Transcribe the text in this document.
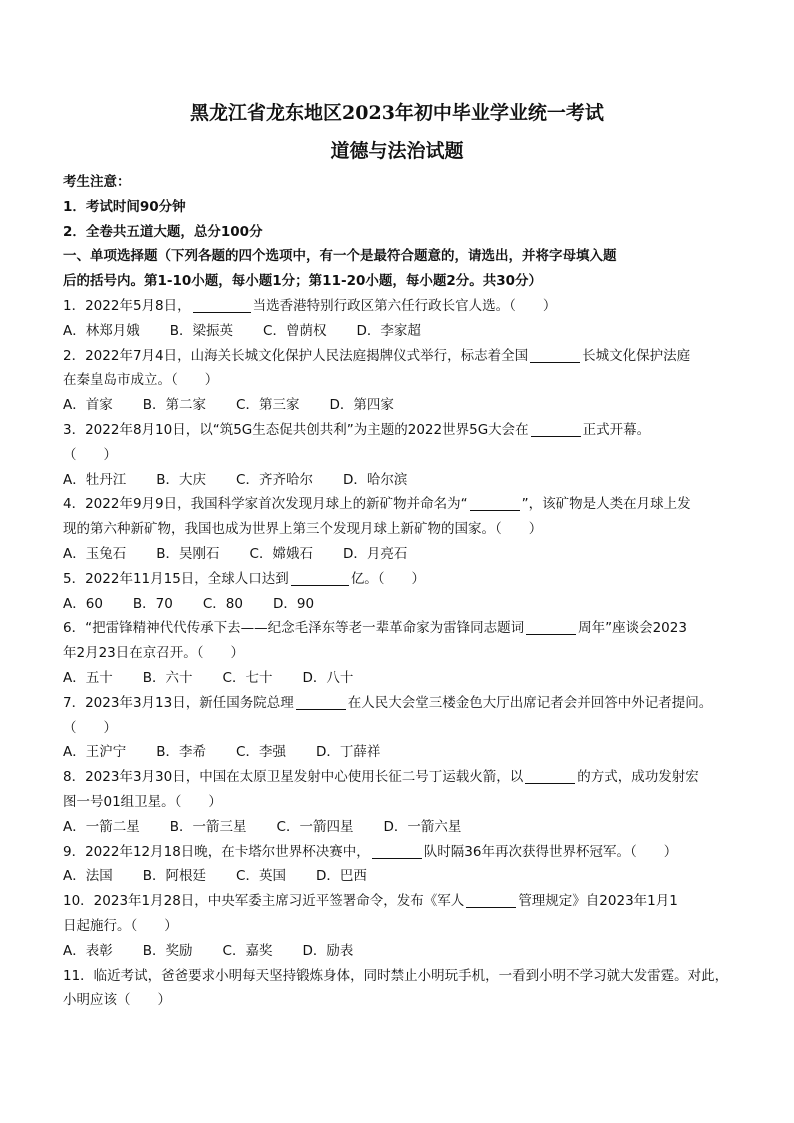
黑龙江省龙东地区2023年初中毕业学业统一考试
道德与法治试题
考生注意：
1．考试时间90分钟
2．全卷共五道大题，总分100分
一、单项选择题（下列各题的四个选项中，有一个是最符合题意的，请选出，并将字母填入题
后的括号内。第1-10小题，每小题1分；第11-20小题，每小题2分。共30分）
1．2022年5月8日，	当选香港特别行政区第六任行政长官人选。（　　）
A．林郑月娥 B．梁振英 C．曾荫权 D．李家超
2．2022年7月4日，山海关长城文化保护人民法庭揭牌仪式举行，标志着全国	长城文化保护法庭
在秦皇岛市成立。（　　）
A．首家 B．第二家 C．第三家 D．第四家
3．2022年8月10日，以“筑5G生态促共创共利”为主题的2022世界5G大会在	正式开幕。
（　　）
A．牡丹江 B．大庆 C．齐齐哈尔 D．哈尔滨
4．2022年9月9日，我国科学家首次发现月球上的新矿物并命名为“	”，该矿物是人类在月球上发
现的第六种新矿物，我国也成为世界上第三个发现月球上新矿物的国家。（　　）
A．玉兔石 B．吴刚石 C．嫦娥石 D．月亮石
5．2022年11月15日，全球人口达到	亿。（　　）
A．60 B．70 C．80 D．90
6．“把雷锋精神代代传承下去——纪念毛泽东等老一辈革命家为雷锋同志题词	周年”座谈会2023
年2月23日在京召开。（　　）
A．五十 B．六十 C．七十 D．八十
7．2023年3月13日，新任国务院总理	在人民大会堂三楼金色大厅出席记者会并回答中外记者提问。
（　　）
A．王沪宁 B．李希 C．李强 D．丁薛祥
8．2023年3月30日，中国在太原卫星发射中心使用长征二号丁运载火箭，以	的方式，成功发射宏
图一号01组卫星。（　　）
A．一箭二星 B．一箭三星 C．一箭四星 D．一箭六星
9．2022年12月18日晚，在卡塔尔世界杯决赛中，	队时隔36年再次获得世界杯冠军。（　　）
A．法国 B．阿根廷 C．英国 D．巴西
10．2023年1月28日，中央军委主席习近平签署命令，发布《军人	管理规定》自2023年1月1
日起施行。（　　）
A．表彰 B．奖励 C．嘉奖 D．励表
11．临近考试，爸爸要求小明每天坚持锻炼身体，同时禁止小明玩手机，一看到小明不学习就大发雷霆。对此，
小明应该（　　）
